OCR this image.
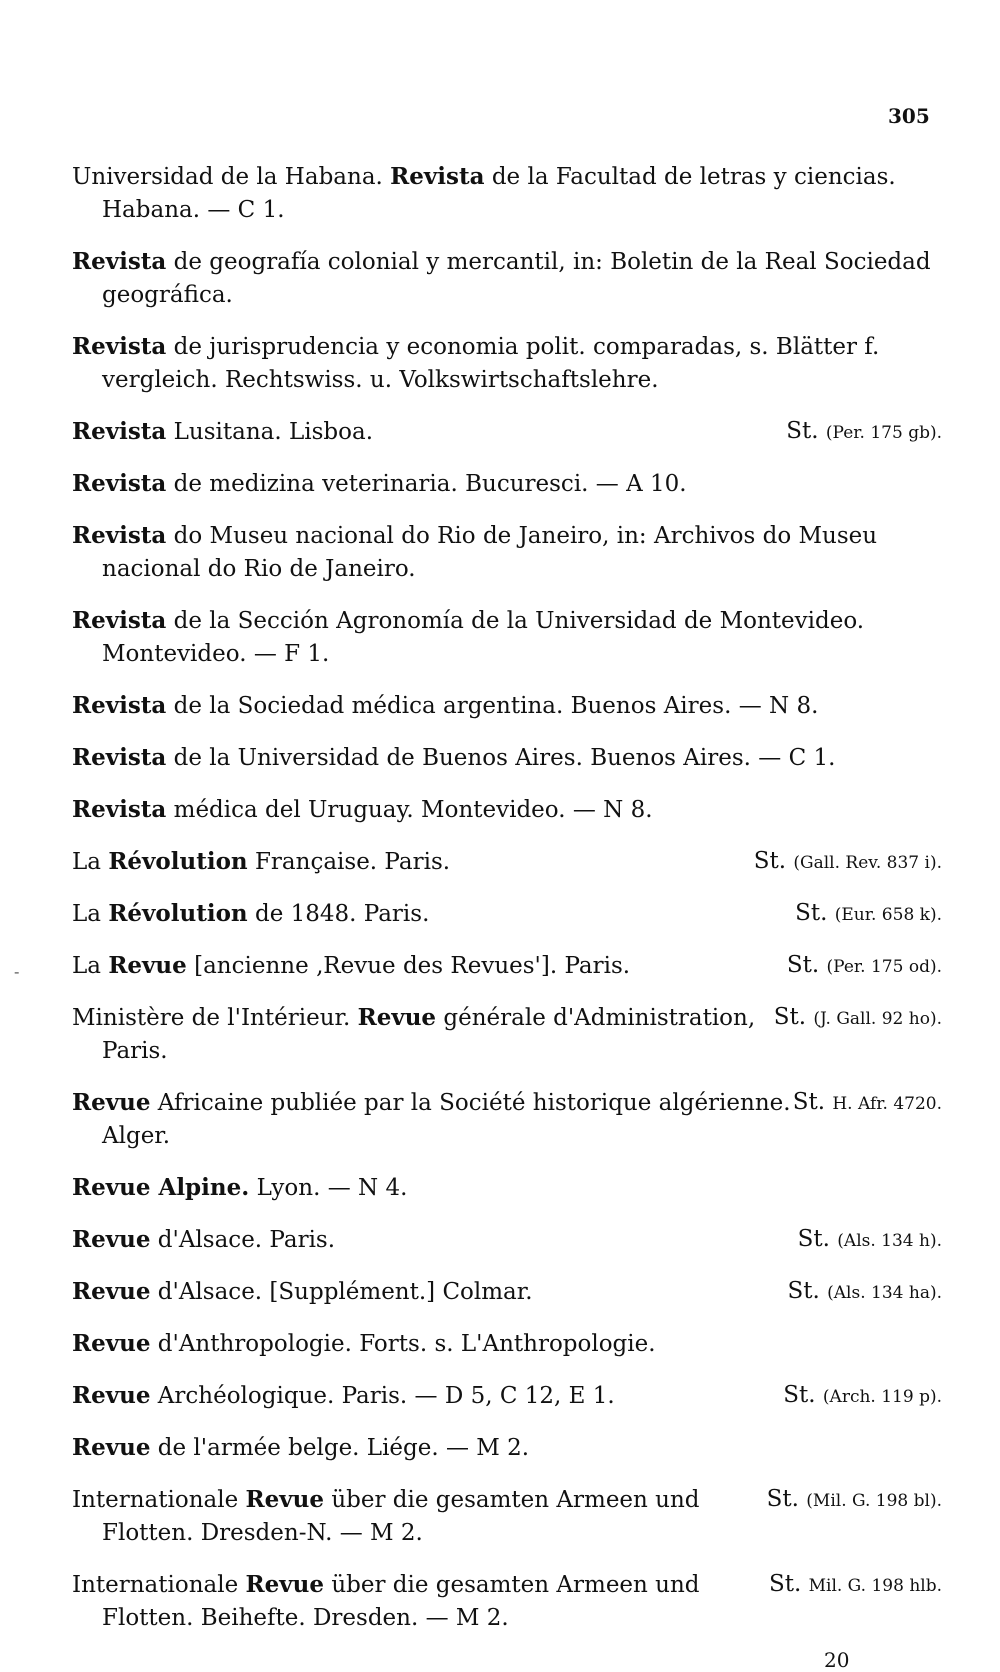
305
-

Universidad de la Habana. Revista de la Facultad de letras y ciencias. Habana. — C 1.

Revista de geografía colonial y mercantil, in: Boletin de la Real Sociedad geográfica.

Revista de jurisprudencia y economia polit. comparadas, s. Blätter f. vergleich. Rechtswiss. u. Volkswirtschaftslehre.

St. (Per. 175 gb).
Revista Lusitana. Lisboa.

Revista de medizina veterinaria. Bucuresci. — A 10.

Revista do Museu nacional do Rio de Janeiro, in: Archivos do Museu nacional do Rio de Janeiro.

Revista de la Sección Agronomía de la Universidad de Montevideo. Montevideo. — F 1.

Revista de la Sociedad médica argentina. Buenos Aires. — N 8.

Revista de la Universidad de Buenos Aires. Buenos Aires. — C 1.

Revista médica del Uruguay. Montevideo. — N 8.

St. (Gall. Rev. 837 i).
La Révolution Française. Paris.

St. (Eur. 658 k).
La Révolution de 1848. Paris.

St. (Per. 175 od).
La Revue [ancienne ‚Revue des Revues']. Paris.

St. (J. Gall. 92 ho).
Ministère de l'Intérieur. Revue générale d'Administration, Paris.

St. H. Afr. 4720.
Revue Africaine publiée par la Société historique algérienne. Alger.

Revue Alpine. Lyon. — N 4.

St. (Als. 134 h).
Revue d'Alsace. Paris.

St. (Als. 134 ha).
Revue d'Alsace. [Supplément.] Colmar.

Revue d'Anthropologie. Forts. s. L'Anthropologie.

St. (Arch. 119 p).
Revue Archéologique. Paris. — D 5, C 12, E 1.

Revue de l'armée belge. Liége. — M 2.

St. (Mil. G. 198 bl).
Internationale Revue über die gesamten Armeen und Flotten. Dresden-N. — M 2.

St. Mil. G. 198 hlb.
Internationale Revue über die gesamten Armeen und Flotten. Beihefte. Dresden. — M 2.

20
